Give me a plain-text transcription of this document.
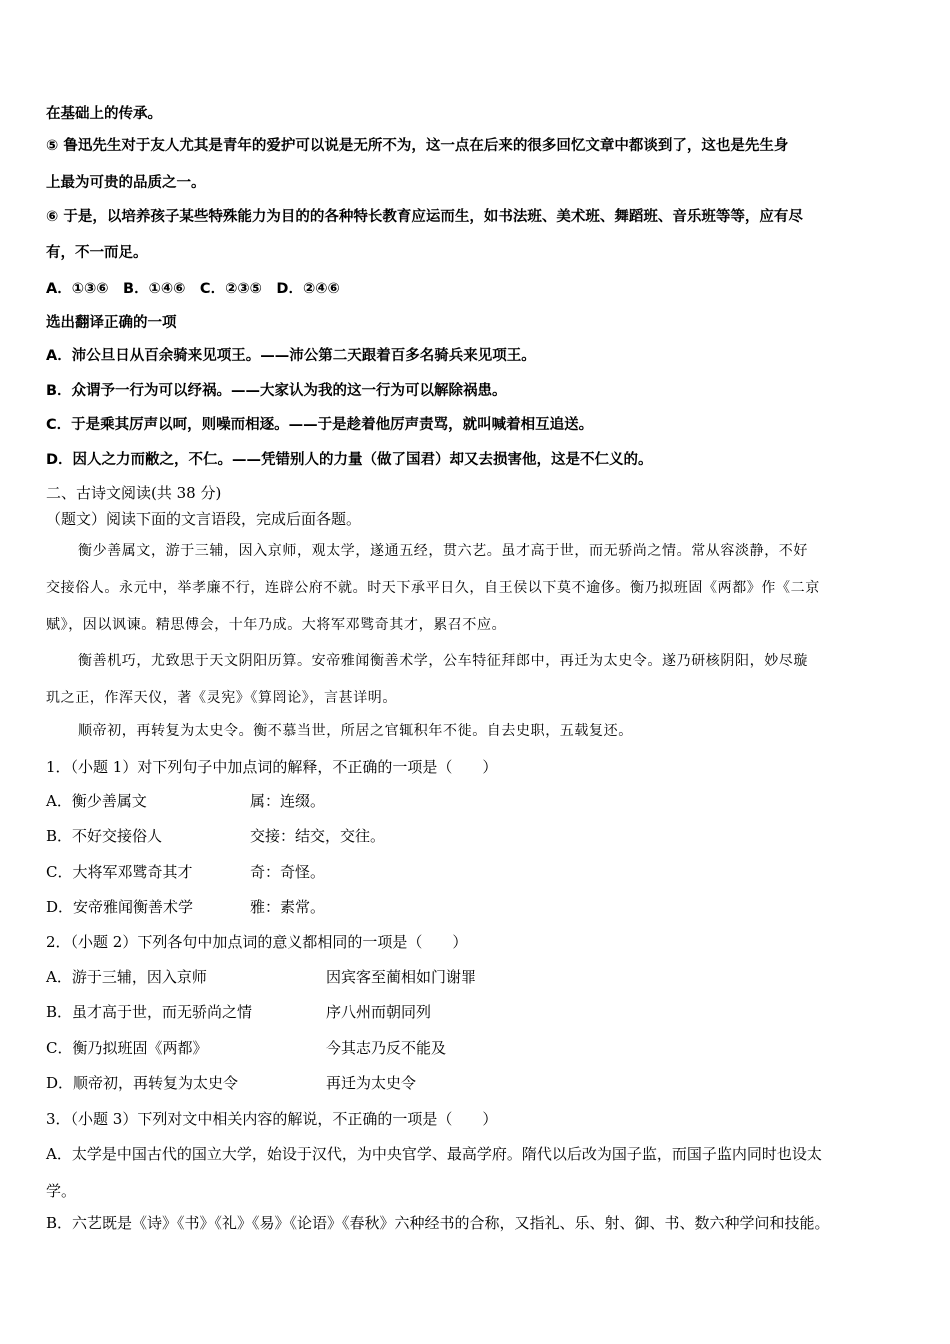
在基础上的传承。
⑤ 鲁迅先生对于友人尤其是青年的爱护可以说是无所不为，这一点在后来的很多回忆文章中都谈到了，这也是先生身
上最为可贵的品质之一。
⑥ 于是，以培养孩子某些特殊能力为目的的各种特长教育应运而生，如书法班、美术班、舞蹈班、音乐班等等，应有尽
有，不一而足。
A．①③⑥　B．①④⑥　C．②③⑤　D．②④⑥
选出翻译正确的一项
A．沛公旦日从百余骑来见项王。——沛公第二天跟着百多名骑兵来见项王。
B．众谓予一行为可以纾祸。——大家认为我的这一行为可以解除祸患。
C．于是乘其厉声以呵，则噪而相逐。——于是趁着他厉声责骂，就叫喊着相互追送。
D．因人之力而敝之，不仁。——凭错别人的力量（做了国君）却又去损害他，这是不仁义的。
二、古诗文阅读(共 38 分)
（题文）阅读下面的文言语段，完成后面各题。
衡少善属文，游于三辅，因入京师，观太学，遂通五经，贯六艺。虽才高于世，而无骄尚之情。常从容淡静，不好
交接俗人。永元中，举孝廉不行，连辟公府不就。时天下承平日久，自王侯以下莫不逾侈。衡乃拟班固《两都》作《二京
赋》，因以讽谏。精思傅会，十年乃成。大将军邓骘奇其才，累召不应。
衡善机巧，尤致思于天文阴阳历算。安帝雅闻衡善术学，公车特征拜郎中，再迁为太史令。遂乃研核阴阳，妙尽璇
玑之正，作浑天仪，著《灵宪》《算罔论》，言甚详明。
顺帝初，再转复为太史令。衡不慕当世，所居之官辄积年不徙。自去史职，五载复还。
1．（小题 1）对下列句子中加点词的解释，不正确的一项是（　　）
A．衡少善属文	属：连缀。
B．不好交接俗人	交接：结交，交往。
C．大将军邓骘奇其才	奇：奇怪。
D．安帝雅闻衡善术学	雅：素常。
2．（小题 2）下列各句中加点词的意义都相同的一项是（　　）
A．游于三辅，因入京师	因宾客至蔺相如门谢罪
B．虽才高于世，而无骄尚之情	序八州而朝同列
C．衡乃拟班固《两都》	今其志乃反不能及
D．顺帝初，再转复为太史令	再迁为太史令
3．（小题 3）下列对文中相关内容的解说，不正确的一项是（　　）
A．太学是中国古代的国立大学，始设于汉代，为中央官学、最高学府。隋代以后改为国子监，而国子监内同时也设太
学。
B．六艺既是《诗》《书》《礼》《易》《论语》《春秋》六种经书的合称，又指礼、乐、射、御、书、数六种学问和技能。
